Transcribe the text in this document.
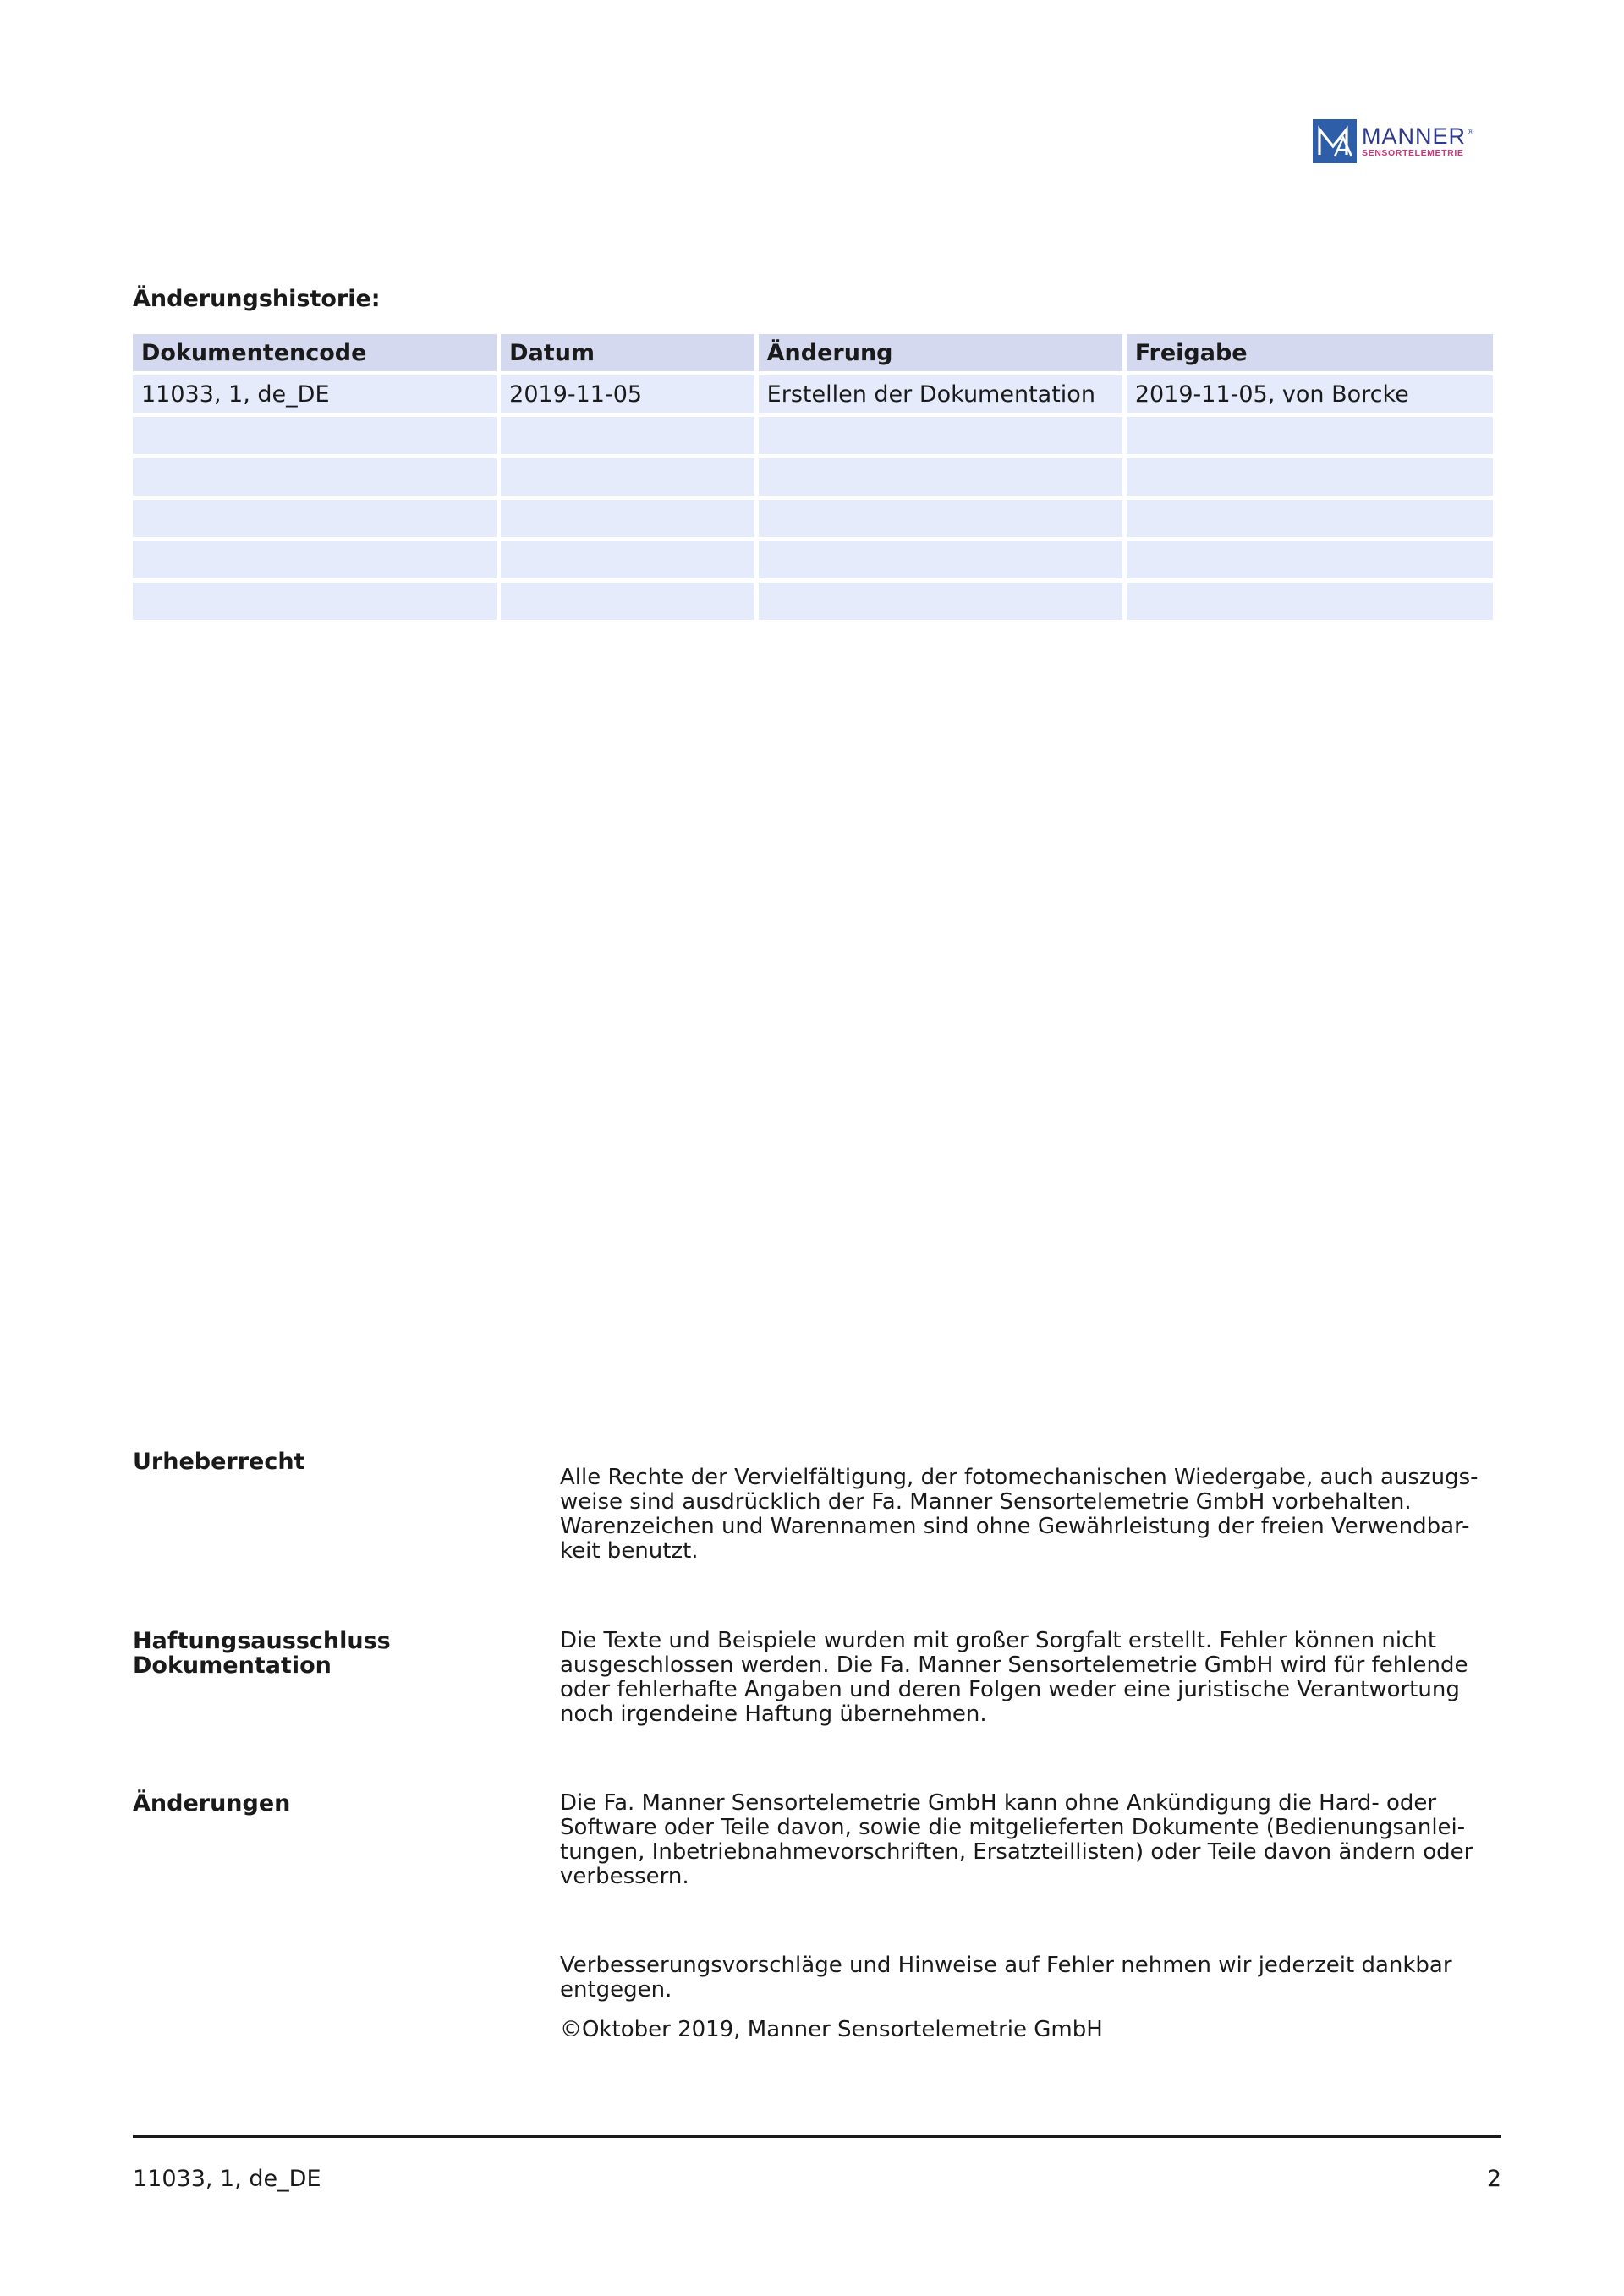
MANNER ®
SENSORTELEMETRIE
Änderungshistorie:
Dokumentencode	Datum	Änderung	Freigabe
11033, 1, de_DE	2019-11-05	Erstellen der Dokumentation	2019-11-05, von Borcke

Urheberrecht

Alle Rechte der Vervielfältigung, der fotomechanischen Wiedergabe, auch auszugs-
weise sind ausdrücklich der Fa. Manner Sensortelemetrie GmbH vorbehalten.
Warenzeichen und Warennamen sind ohne Gewährleistung der freien Verwendbar-
keit benutzt.

Haftungsausschluss
Dokumentation

Die Texte und Beispiele wurden mit großer Sorgfalt erstellt. Fehler können nicht
ausgeschlossen werden. Die Fa. Manner Sensortelemetrie GmbH wird für fehlende
oder fehlerhafte Angaben und deren Folgen weder eine juristische Verantwortung
noch irgendeine Haftung übernehmen.

Änderungen	Die Fa. Manner Sensortelemetrie GmbH kann ohne Ankündigung die Hard- oder
Software oder Teile davon, sowie die mitgelieferten Dokumente (Bedienungsanlei-
tungen, Inbetriebnahmevorschriften, Ersatzteillisten) oder Teile davon ändern oder
verbessern.

Verbesserungsvorschläge und Hinweise auf Fehler nehmen wir jederzeit dankbar
entgegen.

©Oktober 2019, Manner Sensortelemetrie GmbH

11033, 1, de_DE	2
